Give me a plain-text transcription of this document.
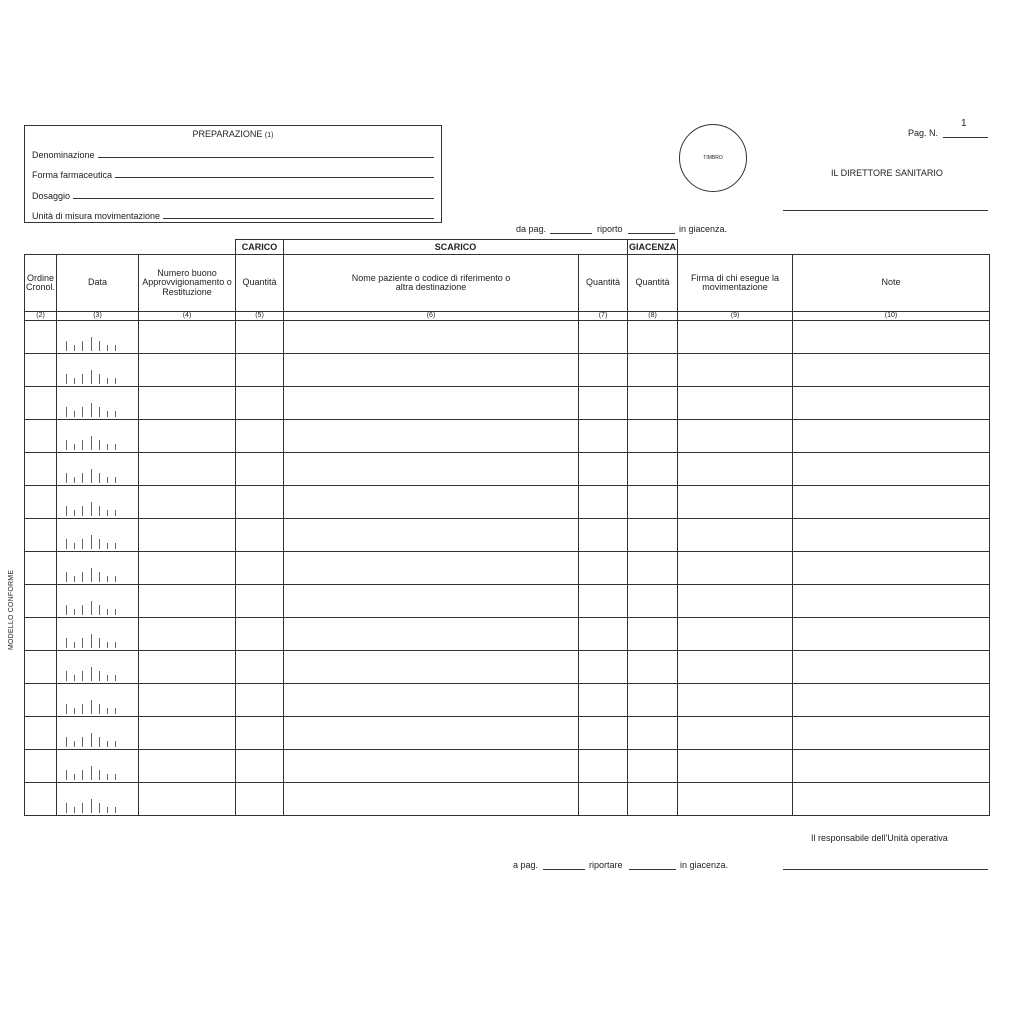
PREPARAZIONE (1)
Denominazione
Forma farmaceutica
Dosaggio
Unità di misura movimentazione
TIMBRO
Pag. N.
1
IL DIRETTORE SANITARIO
da pag.	riporto	in giacenza.
			CARICO	SCARICO		GIACENZA		
Ordine Cronol.	Data	Numero buono Approvvigionamento o Restituzione	Quantità	Nome paziente o codice di riferimento o altra destinazione	Quantità	Quantità	Firma di chi esegue la movimentazione	Note
(2)	(3)	(4)	(5)	(6)	(7)	(8)	(9)	(10)

MODELLO CONFORME
Il responsabile dell'Unità operativa
a pag.	riportare	in giacenza.
